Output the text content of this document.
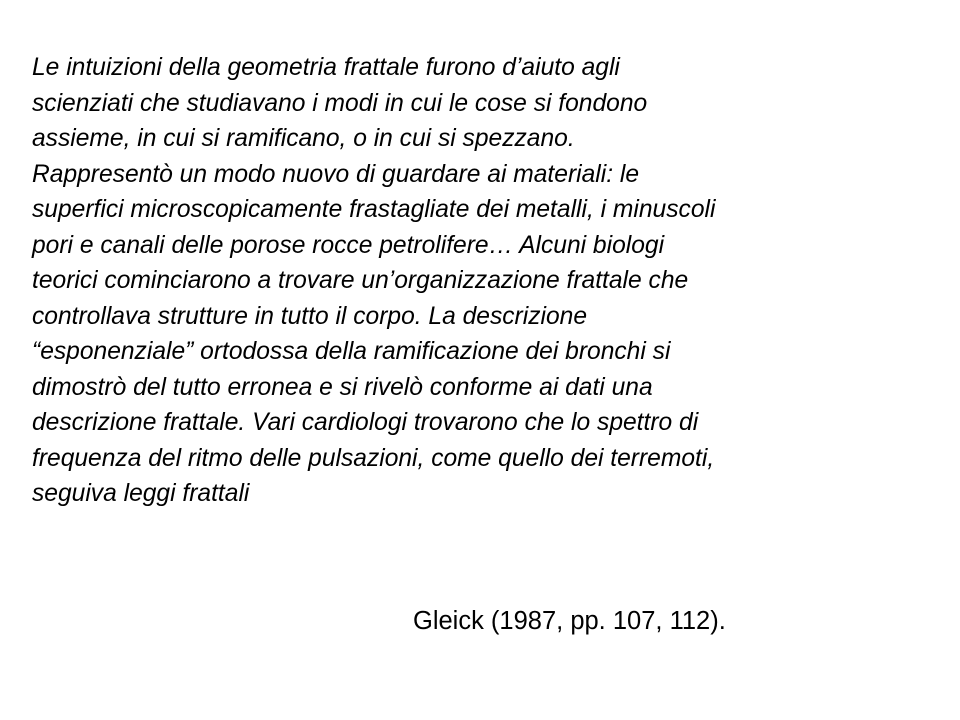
Le intuizioni della geometria frattale furono d’aiuto agli
scienziati che studiavano i modi in cui le cose si fondono
assieme, in cui si ramificano, o in cui si spezzano.
Rappresentò un modo nuovo di guardare ai materiali: le
superfici microscopicamente frastagliate dei metalli, i minuscoli
pori e canali delle porose rocce petrolifere… Alcuni biologi
teorici cominciarono a trovare un’organizzazione frattale che
controllava strutture in tutto il corpo. La descrizione
“esponenziale” ortodossa della ramificazione dei bronchi si
dimostrò del tutto erronea e si rivelò conforme ai dati una
descrizione frattale. Vari cardiologi trovarono che lo spettro di
frequenza del ritmo delle pulsazioni, come quello dei terremoti,
seguiva leggi frattali
Gleick (1987, pp. 107, 112).
